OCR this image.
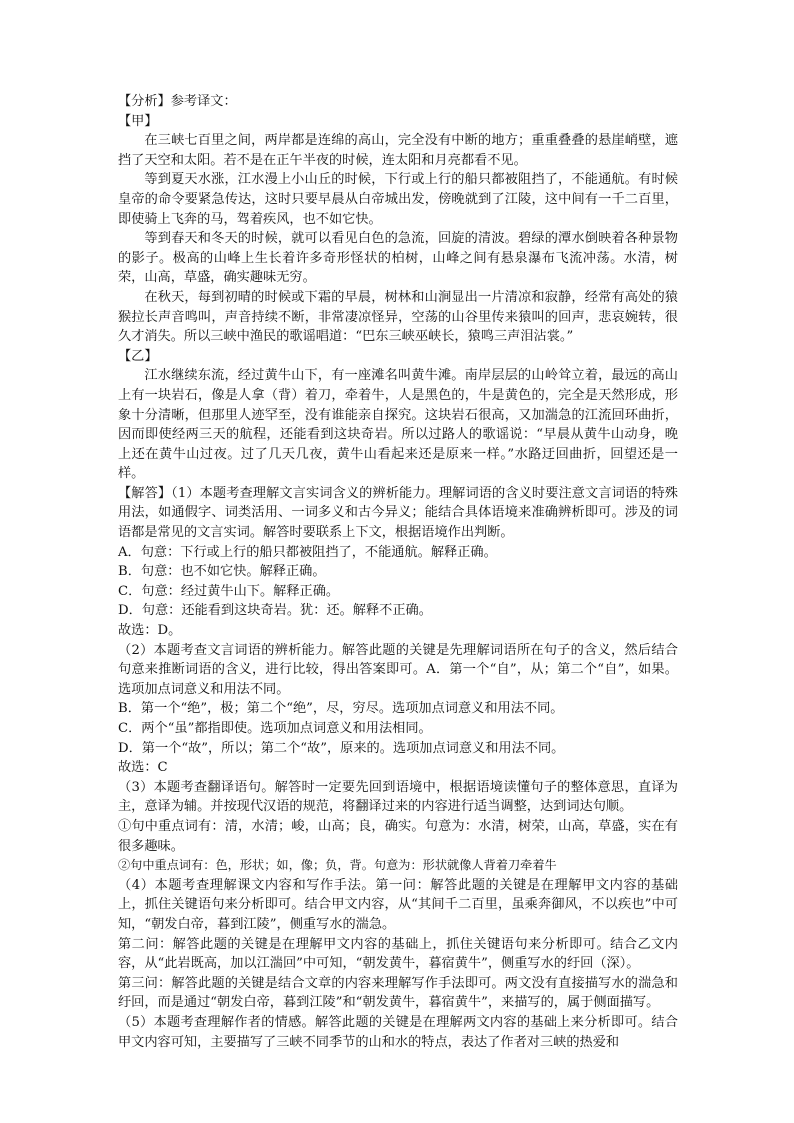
【分析】参考译文：

【甲】

在三峡七百里之间，两岸都是连绵的高山，完全没有中断的地方；重重叠叠的悬崖峭壁，遮挡了天空和太阳。若不是在正午半夜的时候，连太阳和月亮都看不见。

等到夏天水涨，江水漫上小山丘的时候，下行或上行的船只都被阻挡了，不能通航。有时候皇帝的命令要紧急传达，这时只要早晨从白帝城出发，傍晚就到了江陵，这中间有一千二百里，即使骑上飞奔的马，驾着疾风，也不如它快。

等到春天和冬天的时候，就可以看见白色的急流，回旋的清波。碧绿的潭水倒映着各种景物的影子。极高的山峰上生长着许多奇形怪状的柏树，山峰之间有悬泉瀑布飞流冲荡。水清，树荣，山高，草盛，确实趣味无穷。

在秋天，每到初晴的时候或下霜的早晨，树林和山涧显出一片清凉和寂静，经常有高处的猿猴拉长声音鸣叫，声音持续不断，非常凄凉怪异，空荡的山谷里传来猿叫的回声，悲哀婉转，很久才消失。所以三峡中渔民的歌谣唱道：“巴东三峡巫峡长，猿鸣三声泪沾裳。”

【乙】

江水继续东流，经过黄牛山下，有一座滩名叫黄牛滩。南岸层层的山岭耸立着，最远的高山上有一块岩石，像是人拿（背）着刀，牵着牛，人是黑色的，牛是黄色的，完全是天然形成，形象十分清晰，但那里人迹罕至，没有谁能亲自探究。这块岩石很高，又加湍急的江流回环曲折，因而即使经两三天的航程，还能看到这块奇岩。所以过路人的歌谣说：“早晨从黄牛山动身，晚上还在黄牛山过夜。过了几天几夜，黄牛山看起来还是原来一样。”水路迂回曲折，回望还是一样。

【解答】（1）本题考查理解文言实词含义的辨析能力。理解词语的含义时要注意文言词语的特殊用法，如通假字、词类活用、一词多义和古今异义；能结合具体语境来准确辨析即可。涉及的词语都是常见的文言实词。解答时要联系上下文，根据语境作出判断。

A．句意：下行或上行的船只都被阻挡了，不能通航。解释正确。

B．句意：也不如它快。解释正确。

C．句意：经过黄牛山下。解释正确。

D．句意：还能看到这块奇岩。犹：还。解释不正确。

故选：D。

（2）本题考查文言词语的辨析能力。解答此题的关键是先理解词语所在句子的含义，然后结合句意来推断词语的含义，进行比较，得出答案即可。A．第一个“自”，从；第二个“自”，如果。选项加点词意义和用法不同。

B．第一个“绝”，极；第二个“绝”，尽，穷尽。选项加点词意义和用法不同。

C．两个“虽”都指即使。选项加点词意义和用法相同。

D．第一个“故”，所以；第二个“故”，原来的。选项加点词意义和用法不同。

故选：C

（3）本题考查翻译语句。解答时一定要先回到语境中，根据语境读懂句子的整体意思，直译为主，意译为辅。并按现代汉语的规范，将翻译过来的内容进行适当调整，达到词达句顺。

①句中重点词有：清，水清；峻，山高；良，确实。句意为：水清，树荣，山高，草盛，实在有很多趣味。

②句中重点词有：色，形状；如，像；负，背。句意为：形状就像人背着刀牵着牛

（4）本题考查理解课文内容和写作手法。第一问：解答此题的关键是在理解甲文内容的基础上，抓住关键语句来分析即可。结合甲文内容，从“其间千二百里，虽乘奔御风，不以疾也”中可知，“朝发白帝，暮到江陵”，侧重写水的湍急。

第二问：解答此题的关键是在理解甲文内容的基础上，抓住关键语句来分析即可。结合乙文内容，从“此岩既高，加以江湍回”中可知，“朝发黄牛，暮宿黄牛”，侧重写水的纡回（深）。

第三问：解答此题的关键是结合文章的内容来理解写作手法即可。两文没有直接描写水的湍急和纡回，而是通过“朝发白帝，暮到江陵”和“朝发黄牛，暮宿黄牛”，来描写的，属于侧面描写。

（5）本题考查理解作者的情感。解答此题的关键是在理解两文内容的基础上来分析即可。结合甲文内容可知，主要描写了三峡不同季节的山和水的特点，表达了作者对三峡的热爱和
